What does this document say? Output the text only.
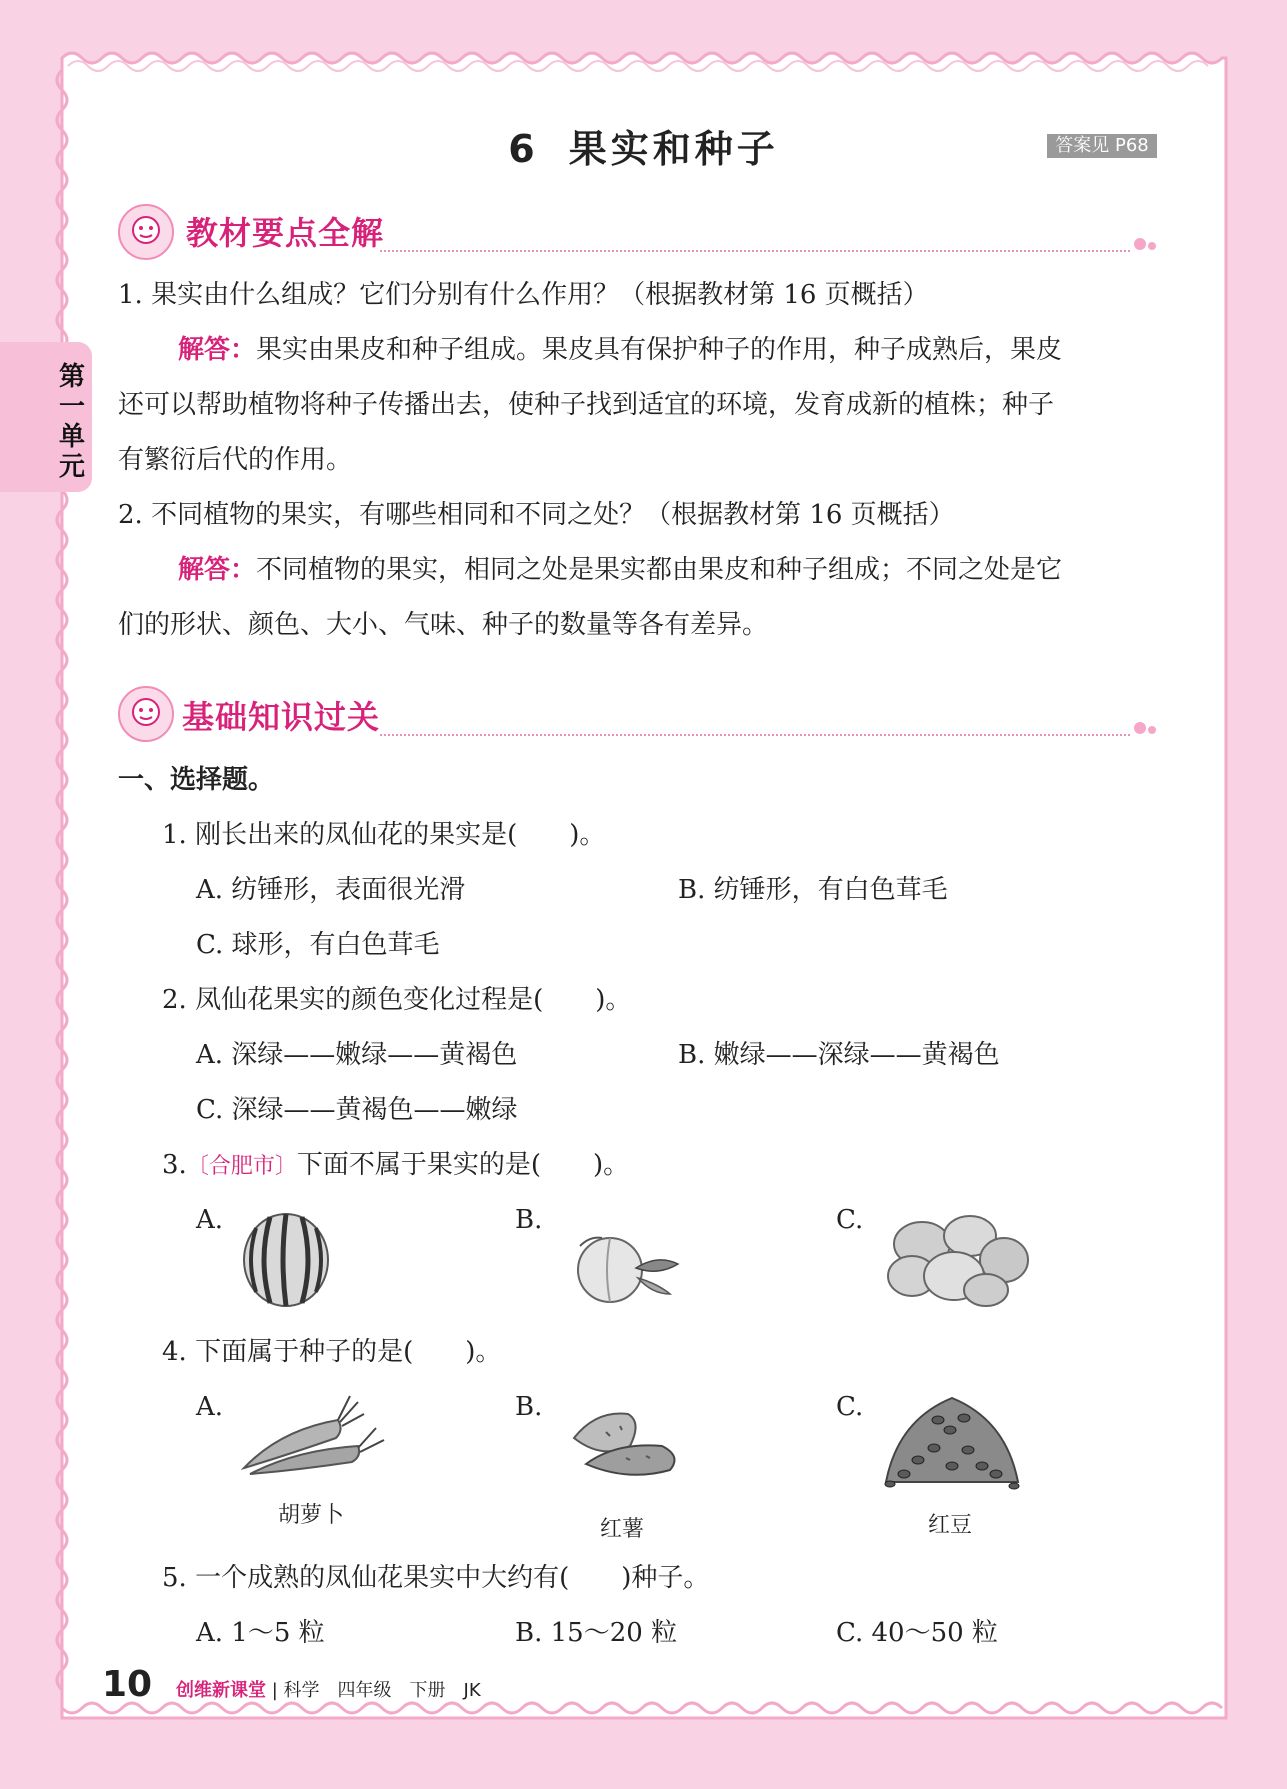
第一单元
6 果实和种子	答案见 P68
教材要点全解
1. 果实由什么组成？它们分别有什么作用？（根据教材第 16 页概括）
解答：果实由果皮和种子组成。果皮具有保护种子的作用，种子成熟后，果皮
还可以帮助植物将种子传播出去，使种子找到适宜的环境，发育成新的植株；种子
有繁衍后代的作用。
2. 不同植物的果实，有哪些相同和不同之处？（根据教材第 16 页概括）
解答：不同植物的果实，相同之处是果实都由果皮和种子组成；不同之处是它
们的形状、颜色、大小、气味、种子的数量等各有差异。
基础知识过关
一、选择题。
1. 刚长出来的凤仙花的果实是(　　)。
A. 纺锤形，表面很光滑	B. 纺锤形，有白色茸毛
C. 球形，有白色茸毛
2. 凤仙花果实的颜色变化过程是(　　)。
A. 深绿——嫩绿——黄褐色	B. 嫩绿——深绿——黄褐色
C. 深绿——黄褐色——嫩绿
3.〔合肥市〕下面不属于果实的是(　　)。
A.	B.	C.
4. 下面属于种子的是(　　)。
A.	B.	C.
胡萝卜
红薯	红豆
5. 一个成熟的凤仙花果实中大约有(　　)种子。
A. 1～5 粒	B. 15～20 粒	C. 40～50 粒
10 创维新课堂 | 科学　四年级　下册　JK
